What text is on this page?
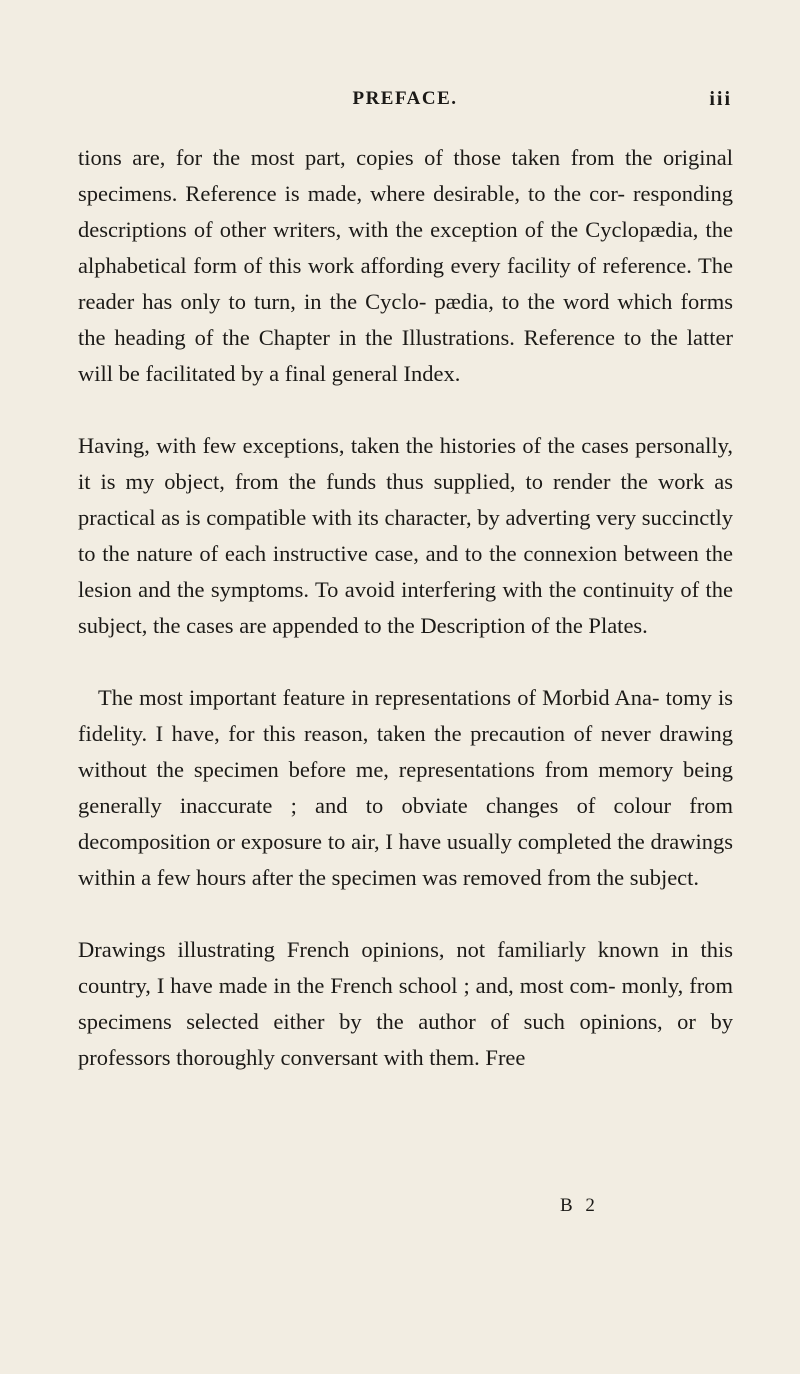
PREFACE.	iii

tions are, for the most part, copies of those taken from the original specimens. Reference is made, where desirable, to the cor- responding descriptions of other writers, with the exception of the Cyclopædia, the alphabetical form of this work affording every facility of reference. The reader has only to turn, in the Cyclo- pædia, to the word which forms the heading of the Chapter in the Illustrations. Reference to the latter will be facilitated by a final general Index.

Having, with few exceptions, taken the histories of the cases personally, it is my object, from the funds thus supplied, to render the work as practical as is compatible with its character, by adverting very succinctly to the nature of each instructive case, and to the connexion between the lesion and the symptoms. To avoid interfering with the continuity of the subject, the cases are appended to the Description of the Plates.

The most important feature in representations of Morbid Ana- tomy is fidelity. I have, for this reason, taken the precaution of never drawing without the specimen before me, representations from memory being generally inaccurate ; and to obviate changes of colour from decomposition or exposure to air, I have usually completed the drawings within a few hours after the specimen was removed from the subject.

Drawings illustrating French opinions, not familiarly known in this country, I have made in the French school ; and, most com- monly, from specimens selected either by the author of such opinions, or by professors thoroughly conversant with them. Free

B 2
